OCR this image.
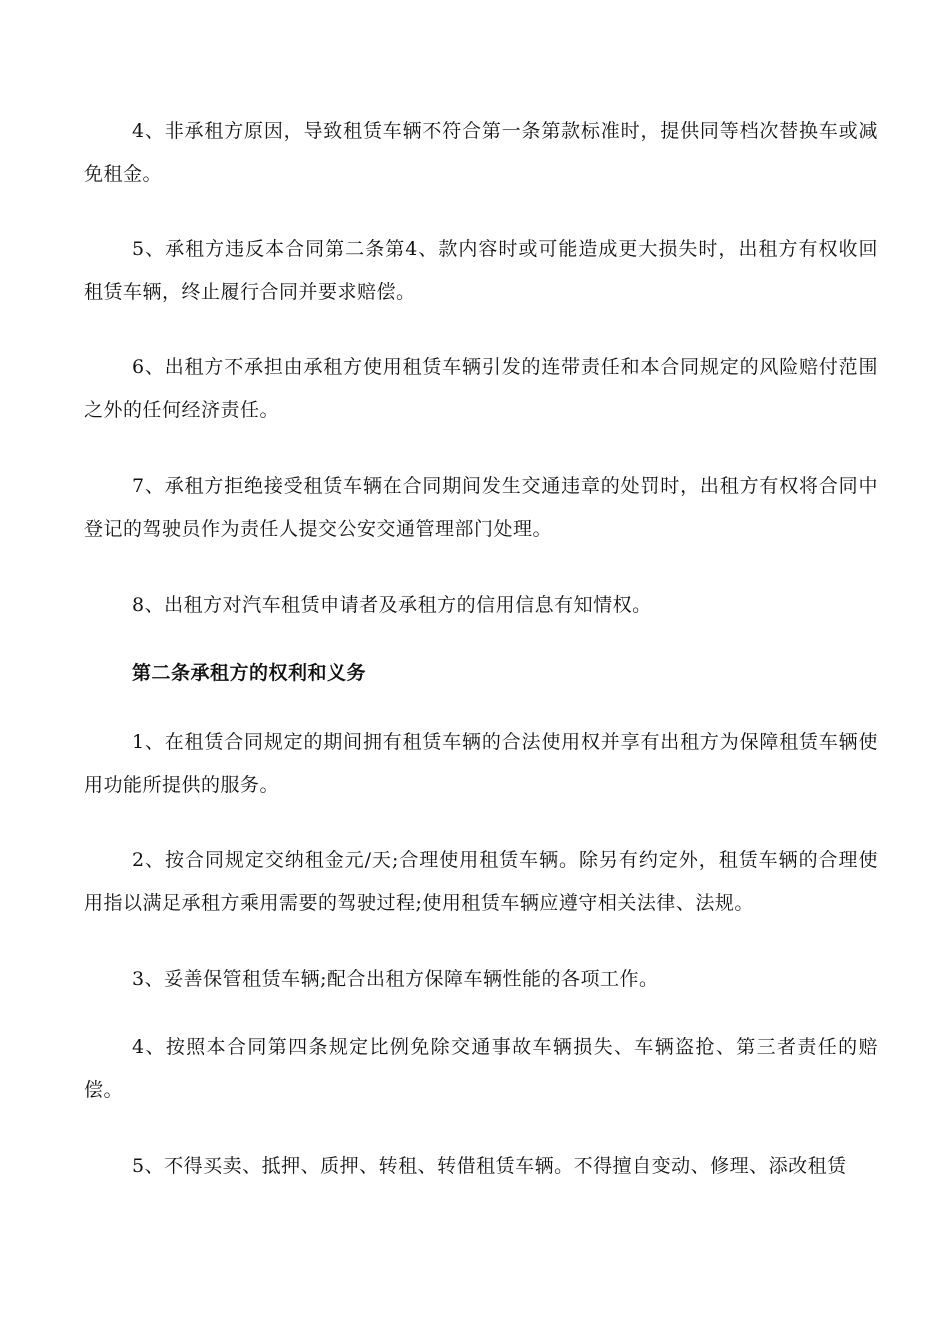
4、非承租方原因，导致租赁车辆不符合第一条第款标准时，提供同等档次替换车或减免租金。

5、承租方违反本合同第二条第4、款内容时或可能造成更大损失时，出租方有权收回租赁车辆，终止履行合同并要求赔偿。

6、出租方不承担由承租方使用租赁车辆引发的连带责任和本合同规定的风险赔付范围之外的任何经济责任。

7、承租方拒绝接受租赁车辆在合同期间发生交通违章的处罚时，出租方有权将合同中登记的驾驶员作为责任人提交公安交通管理部门处理。

8、出租方对汽车租赁申请者及承租方的信用信息有知情权。

第二条承租方的权利和义务

1、在租赁合同规定的期间拥有租赁车辆的合法使用权并享有出租方为保障租赁车辆使用功能所提供的服务。

2、按合同规定交纳租金元/天;合理使用租赁车辆。除另有约定外，租赁车辆的合理使用指以满足承租方乘用需要的驾驶过程;使用租赁车辆应遵守相关法律、法规。

3、妥善保管租赁车辆;配合出租方保障车辆性能的各项工作。

4、按照本合同第四条规定比例免除交通事故车辆损失、车辆盗抢、第三者责任的赔偿。

5、不得买卖、抵押、质押、转租、转借租赁车辆。不得擅自变动、修理、添改租赁
